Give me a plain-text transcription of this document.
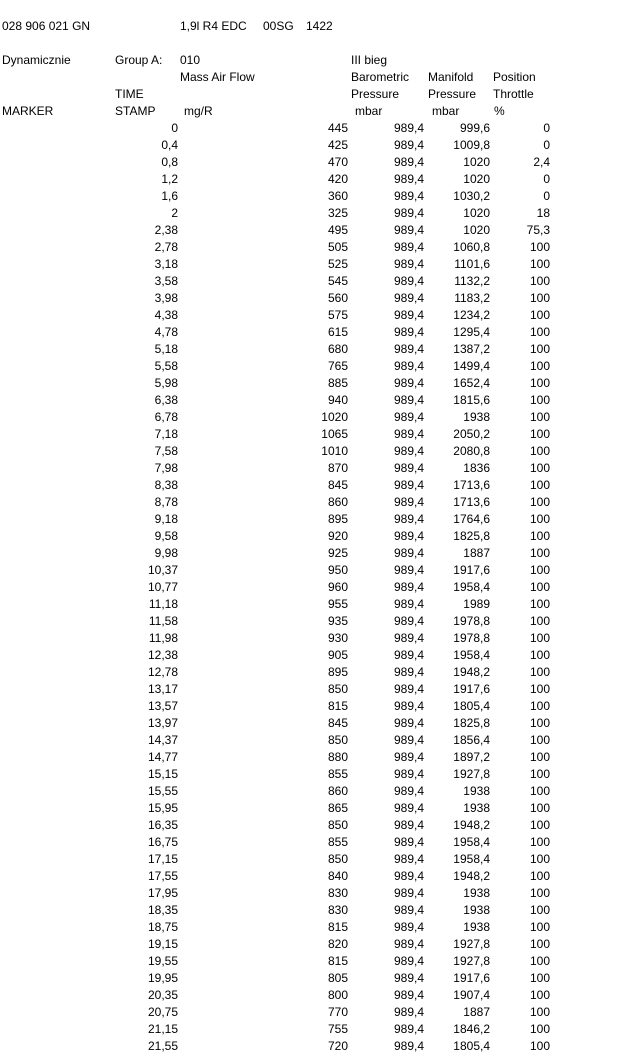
028 906 021 GN	1,9l R4 EDC 00SG 1422
Dynamicznie	Group A: 010	III bieg
Mass Air Flow	Barometric Manifold Position
TIME	Pressure Pressure Throttle
MARKER	STAMP mg/R	mbar	mbar	%
0	445	989,4	999,6	0
0,4	425	989,4 1009,8	0
0,8	470	989,4	1020	2,4
1,2	420	989,4	1020	0
1,6	360	989,4 1030,2	0
2	325	989,4	1020	18
2,38	495	989,4	1020	75,3
2,78	505	989,4 1060,8	100
3,18	525	989,4	1101,6	100
3,58	545	989,4	1132,2	100
3,98	560	989,4	1183,2	100
4,38	575	989,4 1234,2	100
4,78	615	989,4 1295,4	100
5,18	680	989,4 1387,2	100
5,58	765	989,4 1499,4	100
5,98	885	989,4 1652,4	100
6,38	940	989,4 1815,6	100
6,78	1020	989,4	1938	100
7,18	1065	989,4 2050,2	100
7,58	1010	989,4 2080,8	100
7,98	870	989,4	1836	100
8,38	845	989,4 1713,6	100
8,78	860	989,4 1713,6	100
9,18	895	989,4 1764,6	100
9,58	920	989,4 1825,8	100
9,98	925	989,4	1887	100
10,37	950	989,4 1917,6	100
10,77	960	989,4 1958,4	100
11,18	955	989,4	1989	100
11,58	935	989,4 1978,8	100
11,98	930	989,4 1978,8	100
12,38	905	989,4 1958,4	100
12,78	895	989,4 1948,2	100
13,17	850	989,4 1917,6	100
13,57	815	989,4 1805,4	100
13,97	845	989,4 1825,8	100
14,37	850	989,4 1856,4	100
14,77	880	989,4 1897,2	100
15,15	855	989,4 1927,8	100
15,55	860	989,4	1938	100
15,95	865	989,4	1938	100
16,35	850	989,4 1948,2	100
16,75	855	989,4 1958,4	100
17,15	850	989,4 1958,4	100
17,55	840	989,4 1948,2	100
17,95	830	989,4	1938	100
18,35	830	989,4	1938	100
18,75	815	989,4	1938	100
19,15	820	989,4 1927,8	100
19,55	815	989,4 1927,8	100
19,95	805	989,4 1917,6	100
20,35	800	989,4 1907,4	100
20,75	770	989,4	1887	100
21,15	755	989,4 1846,2	100
21,55	720	989,4 1805,4	100
